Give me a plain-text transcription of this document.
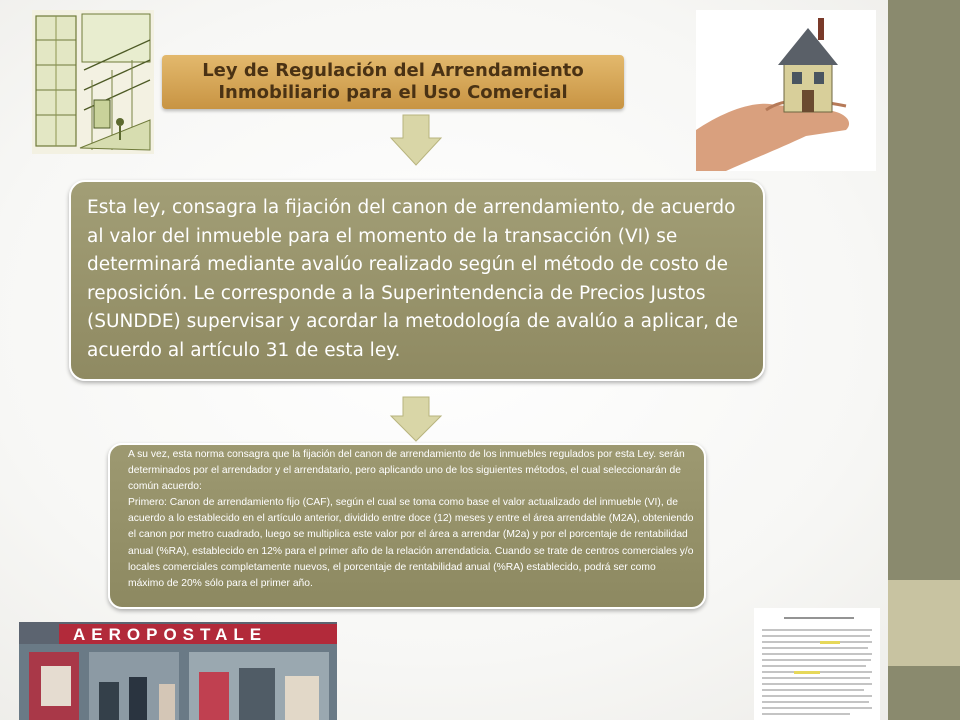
Ley de Regulación del Arrendamiento Inmobiliario para el Uso Comercial

Esta ley, consagra la fijación del canon de arrendamiento, de acuerdo al valor del inmueble para el momento de la transacción (VI) se determinará mediante avalúo realizado según el método de costo de reposición. Le corresponde a la Superintendencia de Precios Justos (SUNDDE) supervisar y acordar la metodología de avalúo a aplicar, de acuerdo al artículo 31 de esta ley.

A su vez, esta norma consagra que la fijación del canon de arrendamiento de los inmuebles regulados por esta Ley. serán determinados por el arrendador y el arrendatario, pero aplicando uno de los siguientes métodos, el cual seleccionarán de común acuerdo:

Primero: Canon de arrendamiento fijo (CAF), según el cual se toma como base el valor actualizado del inmueble (VI), de acuerdo a lo establecido en el artículo anterior, dividido entre doce (12) meses y entre el área arrendable (M2A), obteniendo el canon por metro cuadrado, luego se multiplica este valor por el área a arrendar (M2a) y por el porcentaje de rentabilidad anual (%RA), establecido en 12% para el primer año de la relación arrendaticia. Cuando se trate de centros comerciales y/o locales comerciales completamente nuevos, el porcentaje de rentabilidad anual (%RA) establecido, podrá ser como máximo de 20% sólo para el primer año.

AEROPOSTALE
